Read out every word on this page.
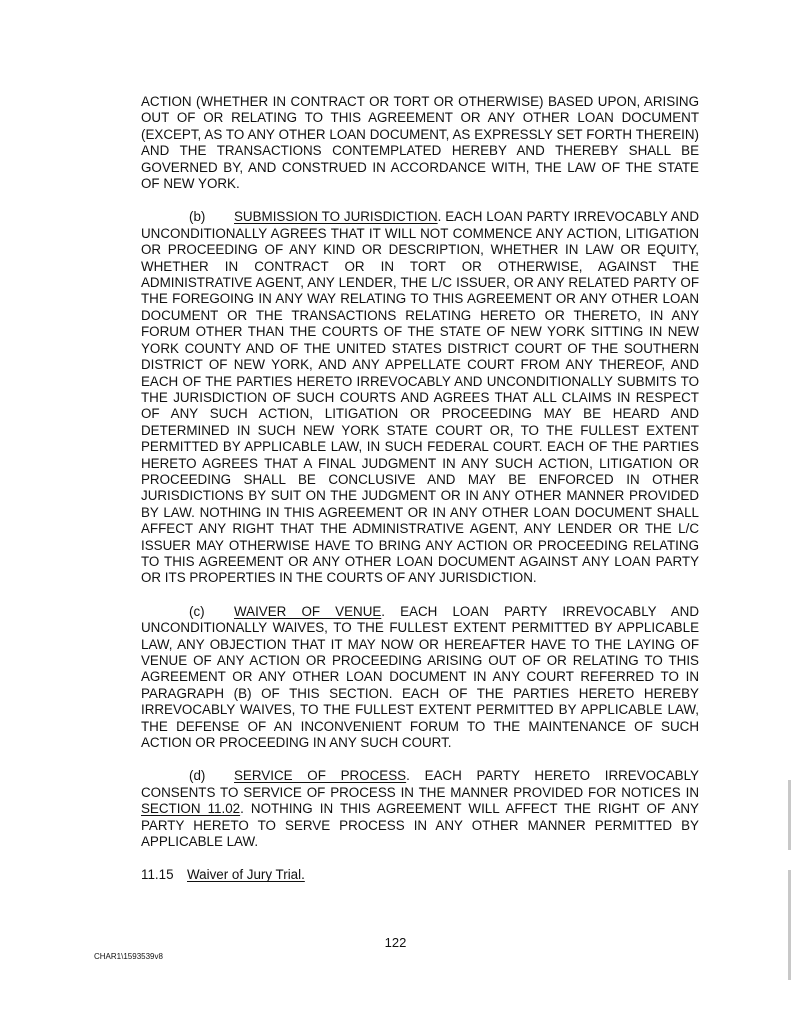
ACTION (WHETHER IN CONTRACT OR TORT OR OTHERWISE) BASED UPON, ARISING OUT OF OR RELATING TO THIS AGREEMENT OR ANY OTHER LOAN DOCUMENT (EXCEPT, AS TO ANY OTHER LOAN DOCUMENT, AS EXPRESSLY SET FORTH THEREIN) AND THE TRANSACTIONS CONTEMPLATED HEREBY AND THEREBY SHALL BE GOVERNED BY, AND CONSTRUED IN ACCORDANCE WITH, THE LAW OF THE STATE OF NEW YORK.

(b) SUBMISSION TO JURISDICTION. EACH LOAN PARTY IRREVOCABLY AND UNCONDITIONALLY AGREES THAT IT WILL NOT COMMENCE ANY ACTION, LITIGATION OR PROCEEDING OF ANY KIND OR DESCRIPTION, WHETHER IN LAW OR EQUITY, WHETHER IN CONTRACT OR IN TORT OR OTHERWISE, AGAINST THE ADMINISTRATIVE AGENT, ANY LENDER, THE L/C ISSUER, OR ANY RELATED PARTY OF THE FOREGOING IN ANY WAY RELATING TO THIS AGREEMENT OR ANY OTHER LOAN DOCUMENT OR THE TRANSACTIONS RELATING HERETO OR THERETO, IN ANY FORUM OTHER THAN THE COURTS OF THE STATE OF NEW YORK SITTING IN NEW YORK COUNTY AND OF THE UNITED STATES DISTRICT COURT OF THE SOUTHERN DISTRICT OF NEW YORK, AND ANY APPELLATE COURT FROM ANY THEREOF, AND EACH OF THE PARTIES HERETO IRREVOCABLY AND UNCONDITIONALLY SUBMITS TO THE JURISDICTION OF SUCH COURTS AND AGREES THAT ALL CLAIMS IN RESPECT OF ANY SUCH ACTION, LITIGATION OR PROCEEDING MAY BE HEARD AND DETERMINED IN SUCH NEW YORK STATE COURT OR, TO THE FULLEST EXTENT PERMITTED BY APPLICABLE LAW, IN SUCH FEDERAL COURT. EACH OF THE PARTIES HERETO AGREES THAT A FINAL JUDGMENT IN ANY SUCH ACTION, LITIGATION OR PROCEEDING SHALL BE CONCLUSIVE AND MAY BE ENFORCED IN OTHER JURISDICTIONS BY SUIT ON THE JUDGMENT OR IN ANY OTHER MANNER PROVIDED BY LAW. NOTHING IN THIS AGREEMENT OR IN ANY OTHER LOAN DOCUMENT SHALL AFFECT ANY RIGHT THAT THE ADMINISTRATIVE AGENT, ANY LENDER OR THE L/C ISSUER MAY OTHERWISE HAVE TO BRING ANY ACTION OR PROCEEDING RELATING TO THIS AGREEMENT OR ANY OTHER LOAN DOCUMENT AGAINST ANY LOAN PARTY OR ITS PROPERTIES IN THE COURTS OF ANY JURISDICTION.

(c) WAIVER OF VENUE. EACH LOAN PARTY IRREVOCABLY AND UNCONDITIONALLY WAIVES, TO THE FULLEST EXTENT PERMITTED BY APPLICABLE LAW, ANY OBJECTION THAT IT MAY NOW OR HEREAFTER HAVE TO THE LAYING OF VENUE OF ANY ACTION OR PROCEEDING ARISING OUT OF OR RELATING TO THIS AGREEMENT OR ANY OTHER LOAN DOCUMENT IN ANY COURT REFERRED TO IN PARAGRAPH (B) OF THIS SECTION. EACH OF THE PARTIES HERETO HEREBY IRREVOCABLY WAIVES, TO THE FULLEST EXTENT PERMITTED BY APPLICABLE LAW, THE DEFENSE OF AN INCONVENIENT FORUM TO THE MAINTENANCE OF SUCH ACTION OR PROCEEDING IN ANY SUCH COURT.

(d) SERVICE OF PROCESS. EACH PARTY HERETO IRREVOCABLY CONSENTS TO SERVICE OF PROCESS IN THE MANNER PROVIDED FOR NOTICES IN SECTION 11.02. NOTHING IN THIS AGREEMENT WILL AFFECT THE RIGHT OF ANY PARTY HERETO TO SERVE PROCESS IN ANY OTHER MANNER PERMITTED BY APPLICABLE LAW.

11.15 Waiver of Jury Trial.
122
CHAR1\1593539v8
